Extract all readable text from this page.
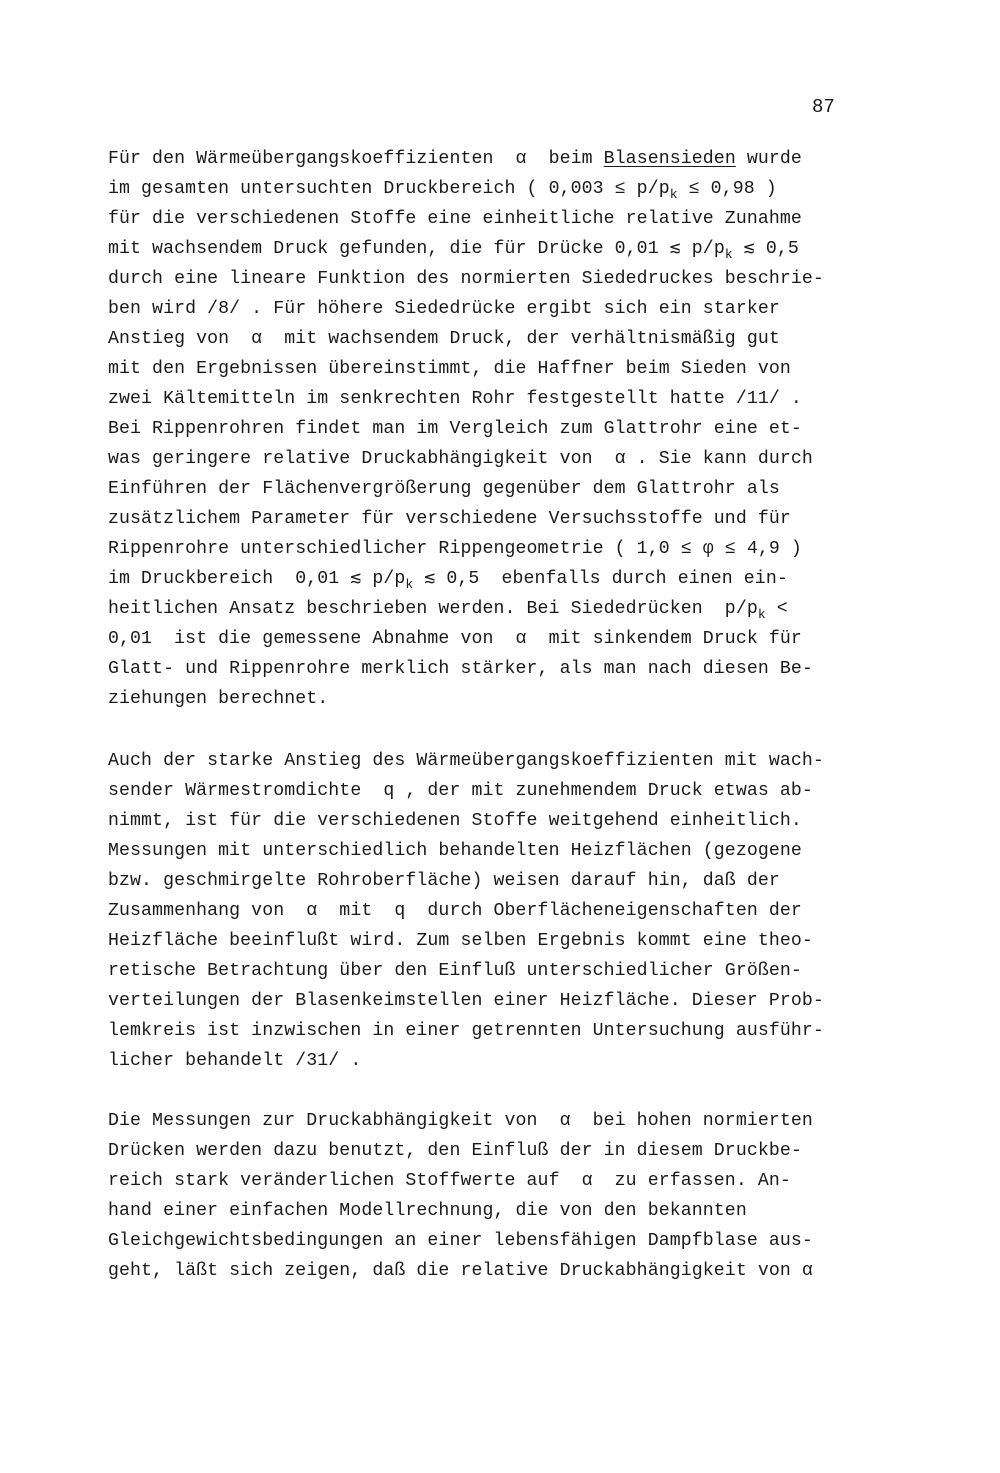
87
Für den Wärmeübergangskoeffizienten  α  beim Blasensieden wurde
im gesamten untersuchten Druckbereich ( $0,003 \le p/p_k \le 0,98$ )
für die verschiedenen Stoffe eine einheitliche relative Zunahme
mit wachsendem Druck gefunden, die für Drücke 0,01 ≲ $p/p_k$ ≲ 0,5
durch eine lineare Funktion des normierten Siededruckes beschrie-
ben wird /8/ . Für höhere Siededrücke ergibt sich ein starker
Anstieg von  α  mit wachsendem Druck, der verhältnismäßig gut
mit den Ergebnissen übereinstimmt, die Haffner beim Sieden von
zwei Kältemitteln im senkrechten Rohr festgestellt hatte /11/ .
Bei Rippenrohren findet man im Vergleich zum Glattrohr eine et-
was geringere relative Druckabhängigkeit von  α . Sie kann durch
Einführen der Flächenvergrößerung gegenüber dem Glattrohr als
zusätzlichem Parameter für verschiedene Versuchsstoffe und für
Rippenrohre unterschiedlicher Rippengeometrie ( 1,0 ≤ φ ≤ 4,9 )
im Druckbereich  0,01 ≲ $p/p_k$ ≲ 0,5  ebenfalls durch einen ein-
heitlichen Ansatz beschrieben werden. Bei Siededrücken  $p/p_k$ <
0,01  ist die gemessene Abnahme von  α  mit sinkendem Druck für
Glatt- und Rippenrohre merklich stärker, als man nach diesen Be-
ziehungen berechnet.
Auch der starke Anstieg des Wärmeübergangskoeffizienten mit wach-
sender Wärmestromdichte  q , der mit zunehmendem Druck etwas ab-
nimmt, ist für die verschiedenen Stoffe weitgehend einheitlich.
Messungen mit unterschiedlich behandelten Heizflächen (gezogene
bzw. geschmirgelte Rohroberfläche) weisen darauf hin, daß der
Zusammenhang von  α  mit  q  durch Oberflächeneigenschaften der
Heizfläche beeinflußt wird. Zum selben Ergebnis kommt eine theo-
retische Betrachtung über den Einfluß unterschiedlicher Größen-
verteilungen der Blasenkeimstellen einer Heizfläche. Dieser Prob-
lemkreis ist inzwischen in einer getrennten Untersuchung ausführ-
licher behandelt /31/ .
Die Messungen zur Druckabhängigkeit von  α  bei hohen normierten
Drücken werden dazu benutzt, den Einfluß der in diesem Druckbe-
reich stark veränderlichen Stoffwerte auf  α  zu erfassen. An-
hand einer einfachen Modellrechnung, die von den bekannten
Gleichgewichtsbedingungen an einer lebensfähigen Dampfblase aus-
geht, läßt sich zeigen, daß die relative Druckabhängigkeit von α
